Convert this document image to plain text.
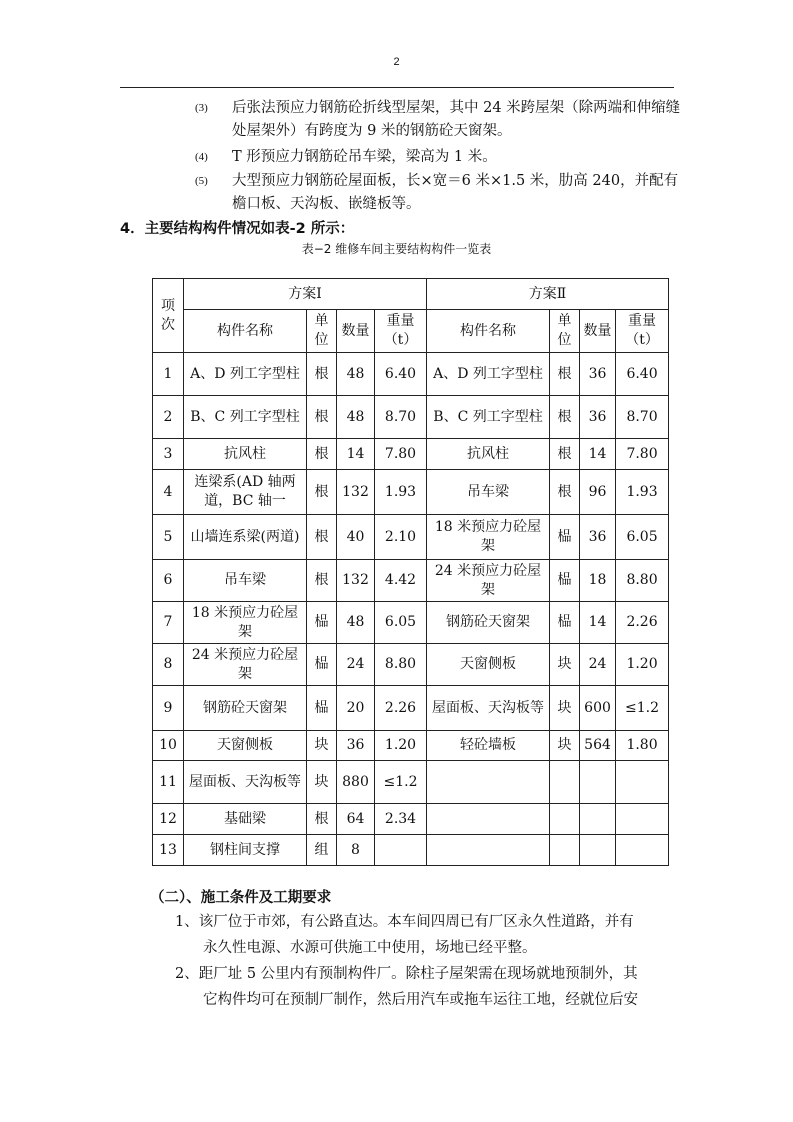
2
(3) 后张法预应力钢筋砼折线型屋架，其中 24 米跨屋架（除两端和伸缩缝处屋架外）有跨度为 9 米的钢筋砼天窗架。
(4) T 形预应力钢筋砼吊车梁，梁高为 1 米。
(5) 大型预应力钢筋砼屋面板，长×宽＝6 米×1.5 米，肋高 240，并配有檐口板、天沟板、嵌缝板等。
4．主要结构构件情况如表-2 所示：
表−2 维修车间主要结构构件一览表
项次	方案Ⅰ				方案Ⅱ			
	构件名称	单位	数量	重量（t）	构件名称	单位	数量	重量（t）
1	A、D 列工字型柱	根	48	6.40	A、D 列工字型柱	根	36	6.40
2	B、C 列工字型柱	根	48	8.70	B、C 列工字型柱	根	36	8.70
3	抗风柱	根	14	7.80	抗风柱	根	14	7.80
4	连梁系(AD 轴两道，BC 轴一	根	132	1.93	吊车梁	根	96	1.93
5	山墙连系梁(两道)	根	40	2.10	18 米预应力砼屋架	榀	36	6.05
6	吊车梁	根	132	4.42	24 米预应力砼屋架	榀	18	8.80
7	18 米预应力砼屋架	榀	48	6.05	钢筋砼天窗架	榀	14	2.26
8	24 米预应力砼屋架	榀	24	8.80	天窗侧板	块	24	1.20
9	钢筋砼天窗架	榀	20	2.26	屋面板、天沟板等	块	600	≤1.2
10	天窗侧板	块	36	1.20	轻砼墙板	块	564	1.80
11	屋面板、天沟板等	块	880	≤1.2				
12	基础梁	根	64	2.34				
13	钢柱间支撑	组	8					
（二）、施工条件及工期要求
1、该厂位于市郊，有公路直达。本车间四周已有厂区永久性道路，并有
永久性电源、水源可供施工中使用，场地已经平整。
2、距厂址 5 公里内有预制构件厂。除柱子屋架需在现场就地预制外，其
它构件均可在预制厂制作，然后用汽车或拖车运往工地，经就位后安
